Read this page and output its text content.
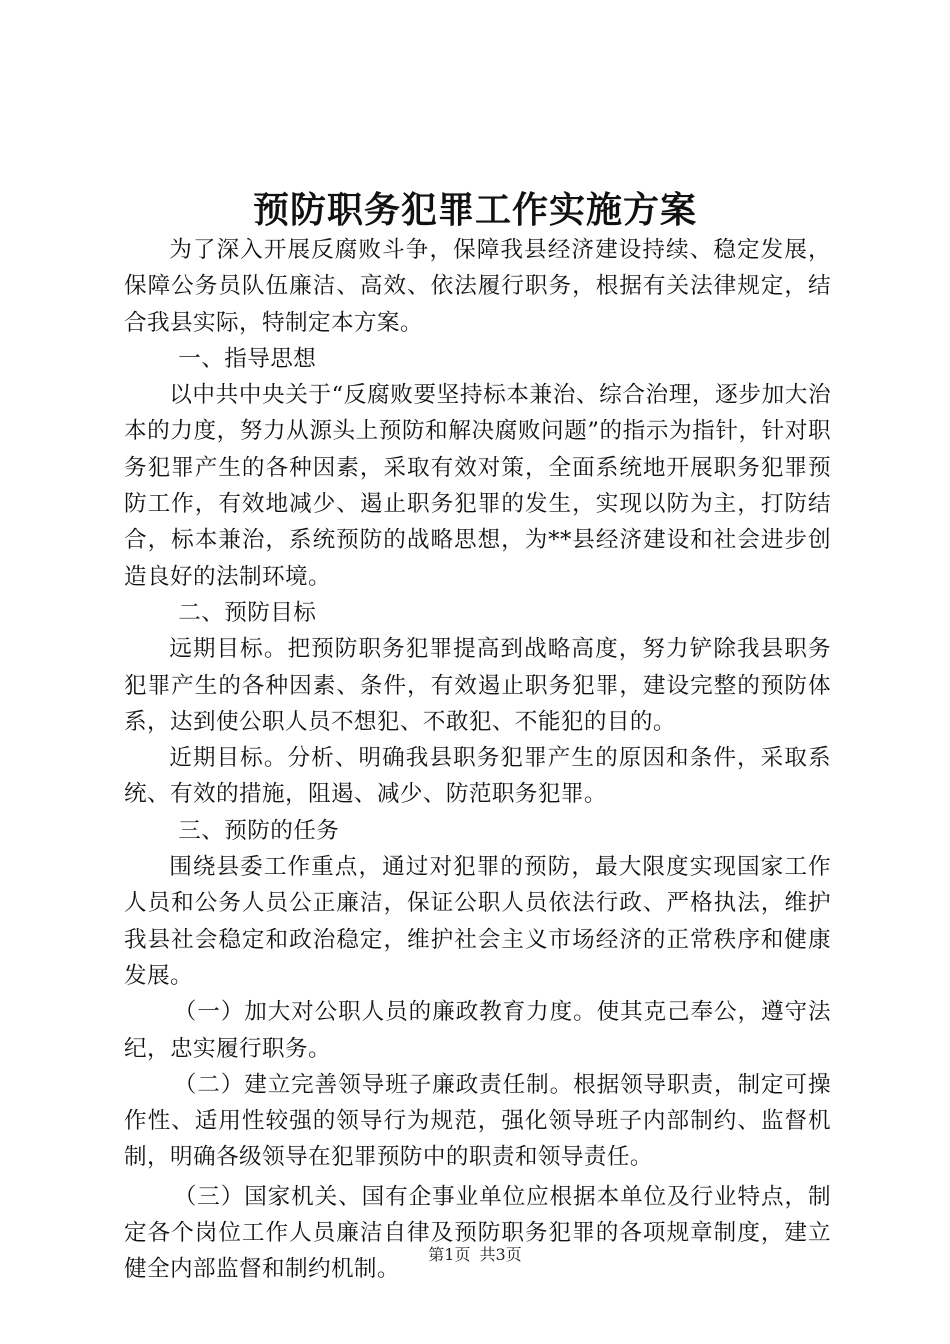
预防职务犯罪工作实施方案

为了深入开展反腐败斗争，保障我县经济建设持续、稳定发展，保障公务员队伍廉洁、高效、依法履行职务，根据有关法律规定，结合我县实际，特制定本方案。

一、指导思想

以中共中央关于“反腐败要坚持标本兼治、综合治理，逐步加大治本的力度，努力从源头上预防和解决腐败问题”的指示为指针，针对职务犯罪产生的各种因素，采取有效对策，全面系统地开展职务犯罪预防工作，有效地减少、遏止职务犯罪的发生，实现以防为主，打防结合，标本兼治，系统预防的战略思想，为**县经济建设和社会进步创造良好的法制环境。

二、预防目标

远期目标。把预防职务犯罪提高到战略高度，努力铲除我县职务犯罪产生的各种因素、条件，有效遏止职务犯罪，建设完整的预防体系，达到使公职人员不想犯、不敢犯、不能犯的目的。

近期目标。分析、明确我县职务犯罪产生的原因和条件，采取系统、有效的措施，阻遏、减少、防范职务犯罪。

三、预防的任务

围绕县委工作重点，通过对犯罪的预防，最大限度实现国家工作人员和公务人员公正廉洁，保证公职人员依法行政、严格执法，维护我县社会稳定和政治稳定，维护社会主义市场经济的正常秩序和健康发展。

（一）加大对公职人员的廉政教育力度。使其克己奉公，遵守法纪，忠实履行职务。

（二）建立完善领导班子廉政责任制。根据领导职责，制定可操作性、适用性较强的领导行为规范，强化领导班子内部制约、监督机制，明确各级领导在犯罪预防中的职责和领导责任。

（三）国家机关、国有企事业单位应根据本单位及行业特点，制定各个岗位工作人员廉洁自律及预防职务犯罪的各项规章制度，建立健全内部监督和制约机制。

第1页 共3页
